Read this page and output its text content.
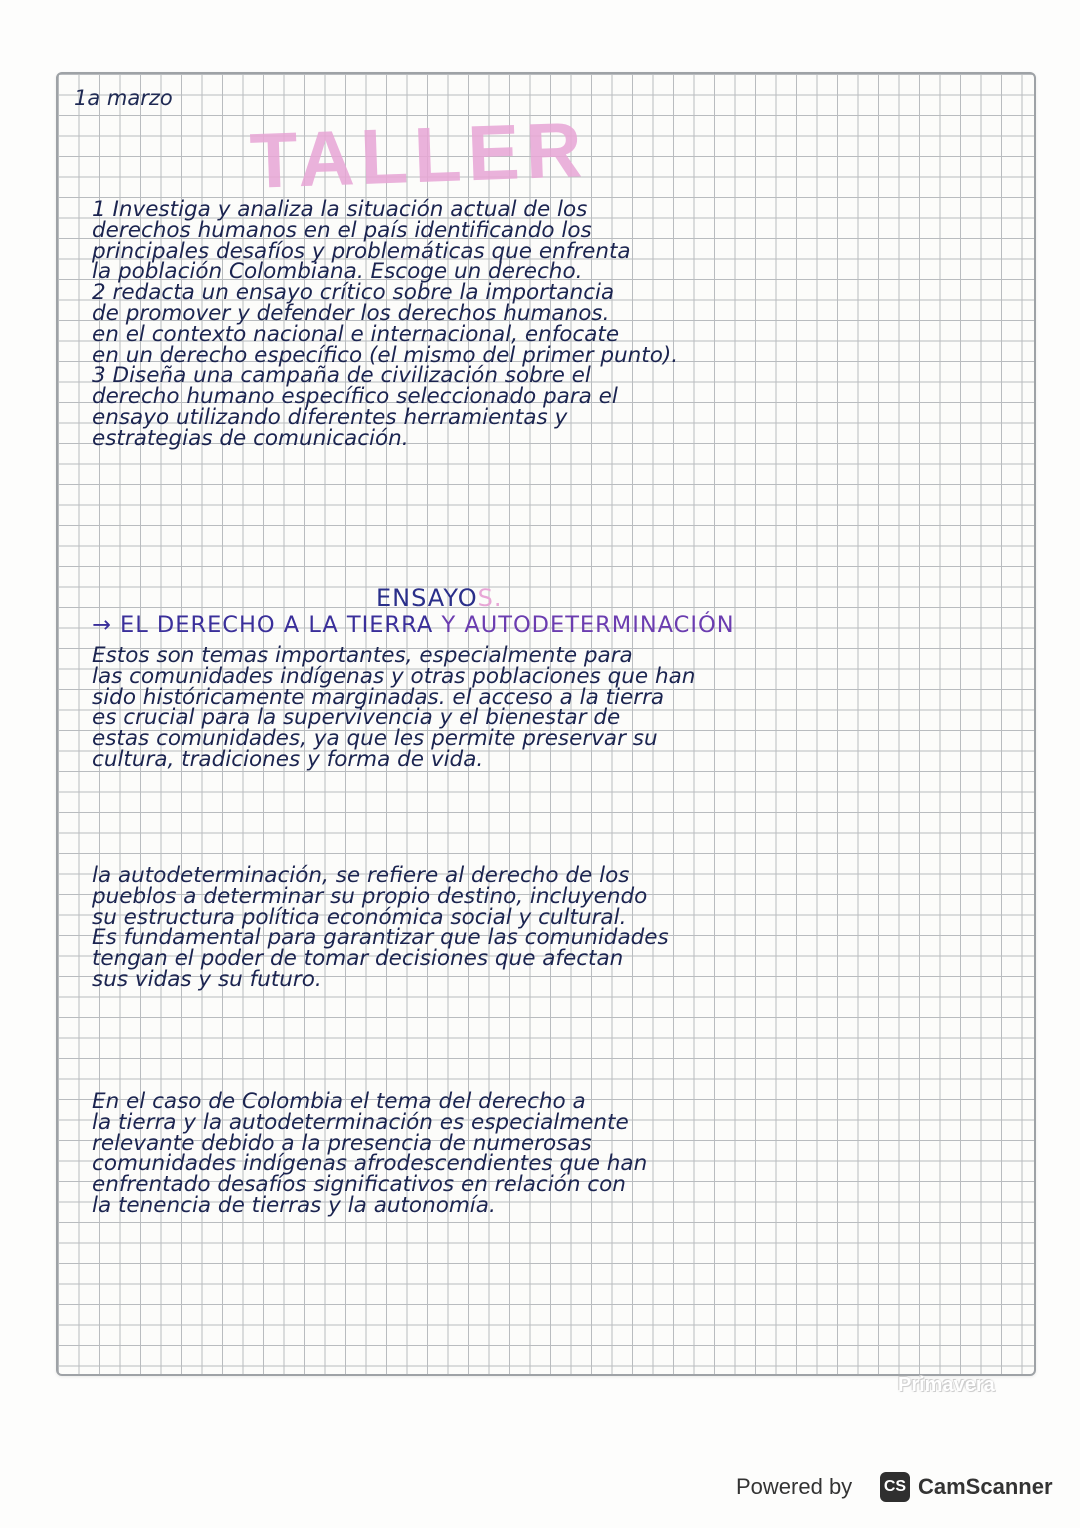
1a marzo
TALLER
1 Investiga y analiza la situación actual de los
derechos humanos en el país identificando los
principales desafíos y problemáticas que enfrenta
la población Colombiana. Escoge un derecho.
2 redacta un ensayo crítico sobre la importancia
de promover y defender los derechos humanos.
en el contexto nacional e internacional, enfocate
en un derecho específico (el mismo del primer punto).
3 Diseña una campaña de civilización sobre el
derecho humano específico seleccionado para el
ensayo utilizando diferentes herramientas y
estrategias de comunicación.
ENSAYOS.
→ EL DERECHO A LA TIERRA Y AUTODETERMINACIÓN
Estos son temas importantes, especialmente para
las comunidades indígenas y otras poblaciones que han
sido históricamente marginadas. el acceso a la tierra
es crucial para la supervivencia y el bienestar de
estas comunidades, ya que les permite preservar su
cultura, tradiciones y forma de vida.
la autodeterminación, se refiere al derecho de los
pueblos a determinar su propio destino, incluyendo
su estructura política económica social y cultural.
Es fundamental para garantizar que las comunidades
tengan el poder de tomar decisiones que afectan
sus vidas y su futuro.
En el caso de Colombia el tema del derecho a
la tierra y la autodeterminación es especialmente
relevante debido a la presencia de numerosas
comunidades indígenas afrodescendientes que han
enfrentado desafíos significativos en relación con
la tenencia de tierras y la autonomía.
Primavera
Powered by CS CamScanner
